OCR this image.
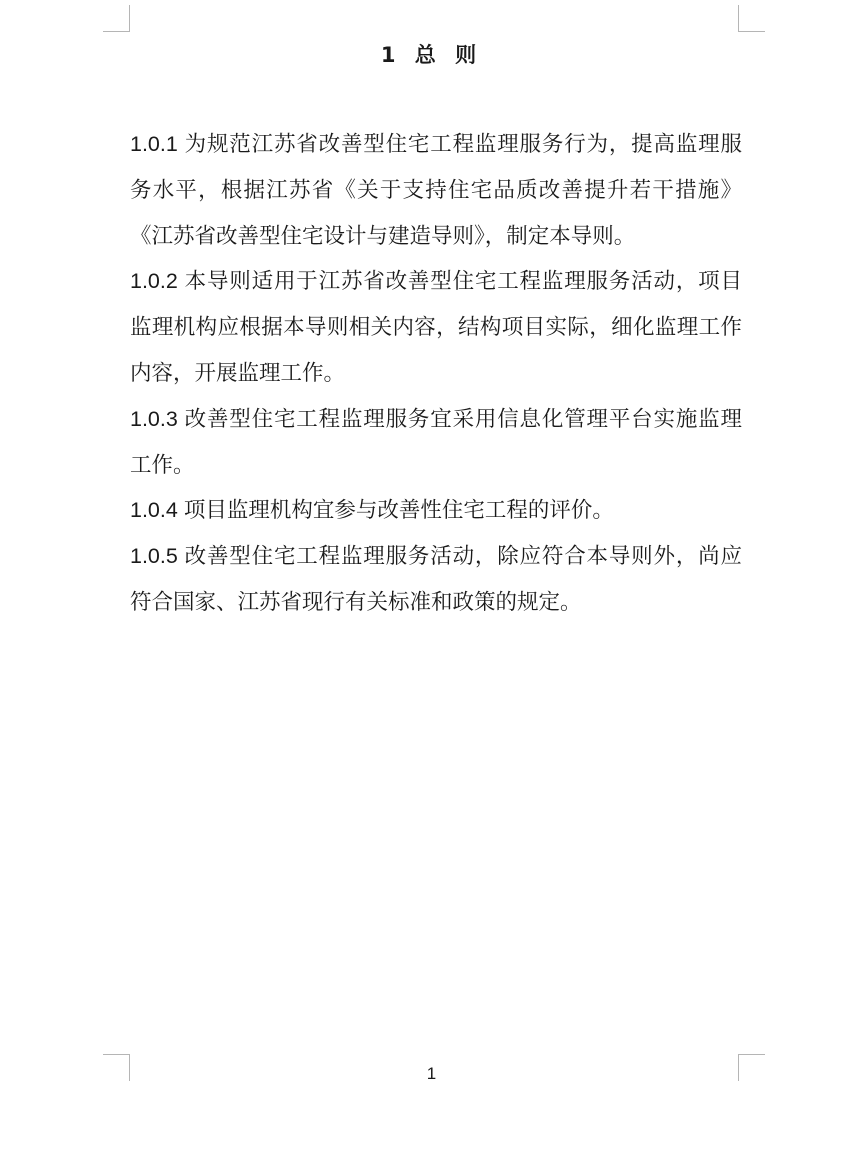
1 总 则

1.0.1 为规范江苏省改善型住宅工程监理服务行为，提高监理服务水平，根据江苏省《关于支持住宅品质改善提升若干措施》《江苏省改善型住宅设计与建造导则》，制定本导则。

1.0.2 本导则适用于江苏省改善型住宅工程监理服务活动，项目监理机构应根据本导则相关内容，结构项目实际，细化监理工作内容，开展监理工作。

1.0.3 改善型住宅工程监理服务宜采用信息化管理平台实施监理工作。

1.0.4 项目监理机构宜参与改善性住宅工程的评价。

1.0.5 改善型住宅工程监理服务活动，除应符合本导则外，尚应符合国家、江苏省现行有关标准和政策的规定。

1
